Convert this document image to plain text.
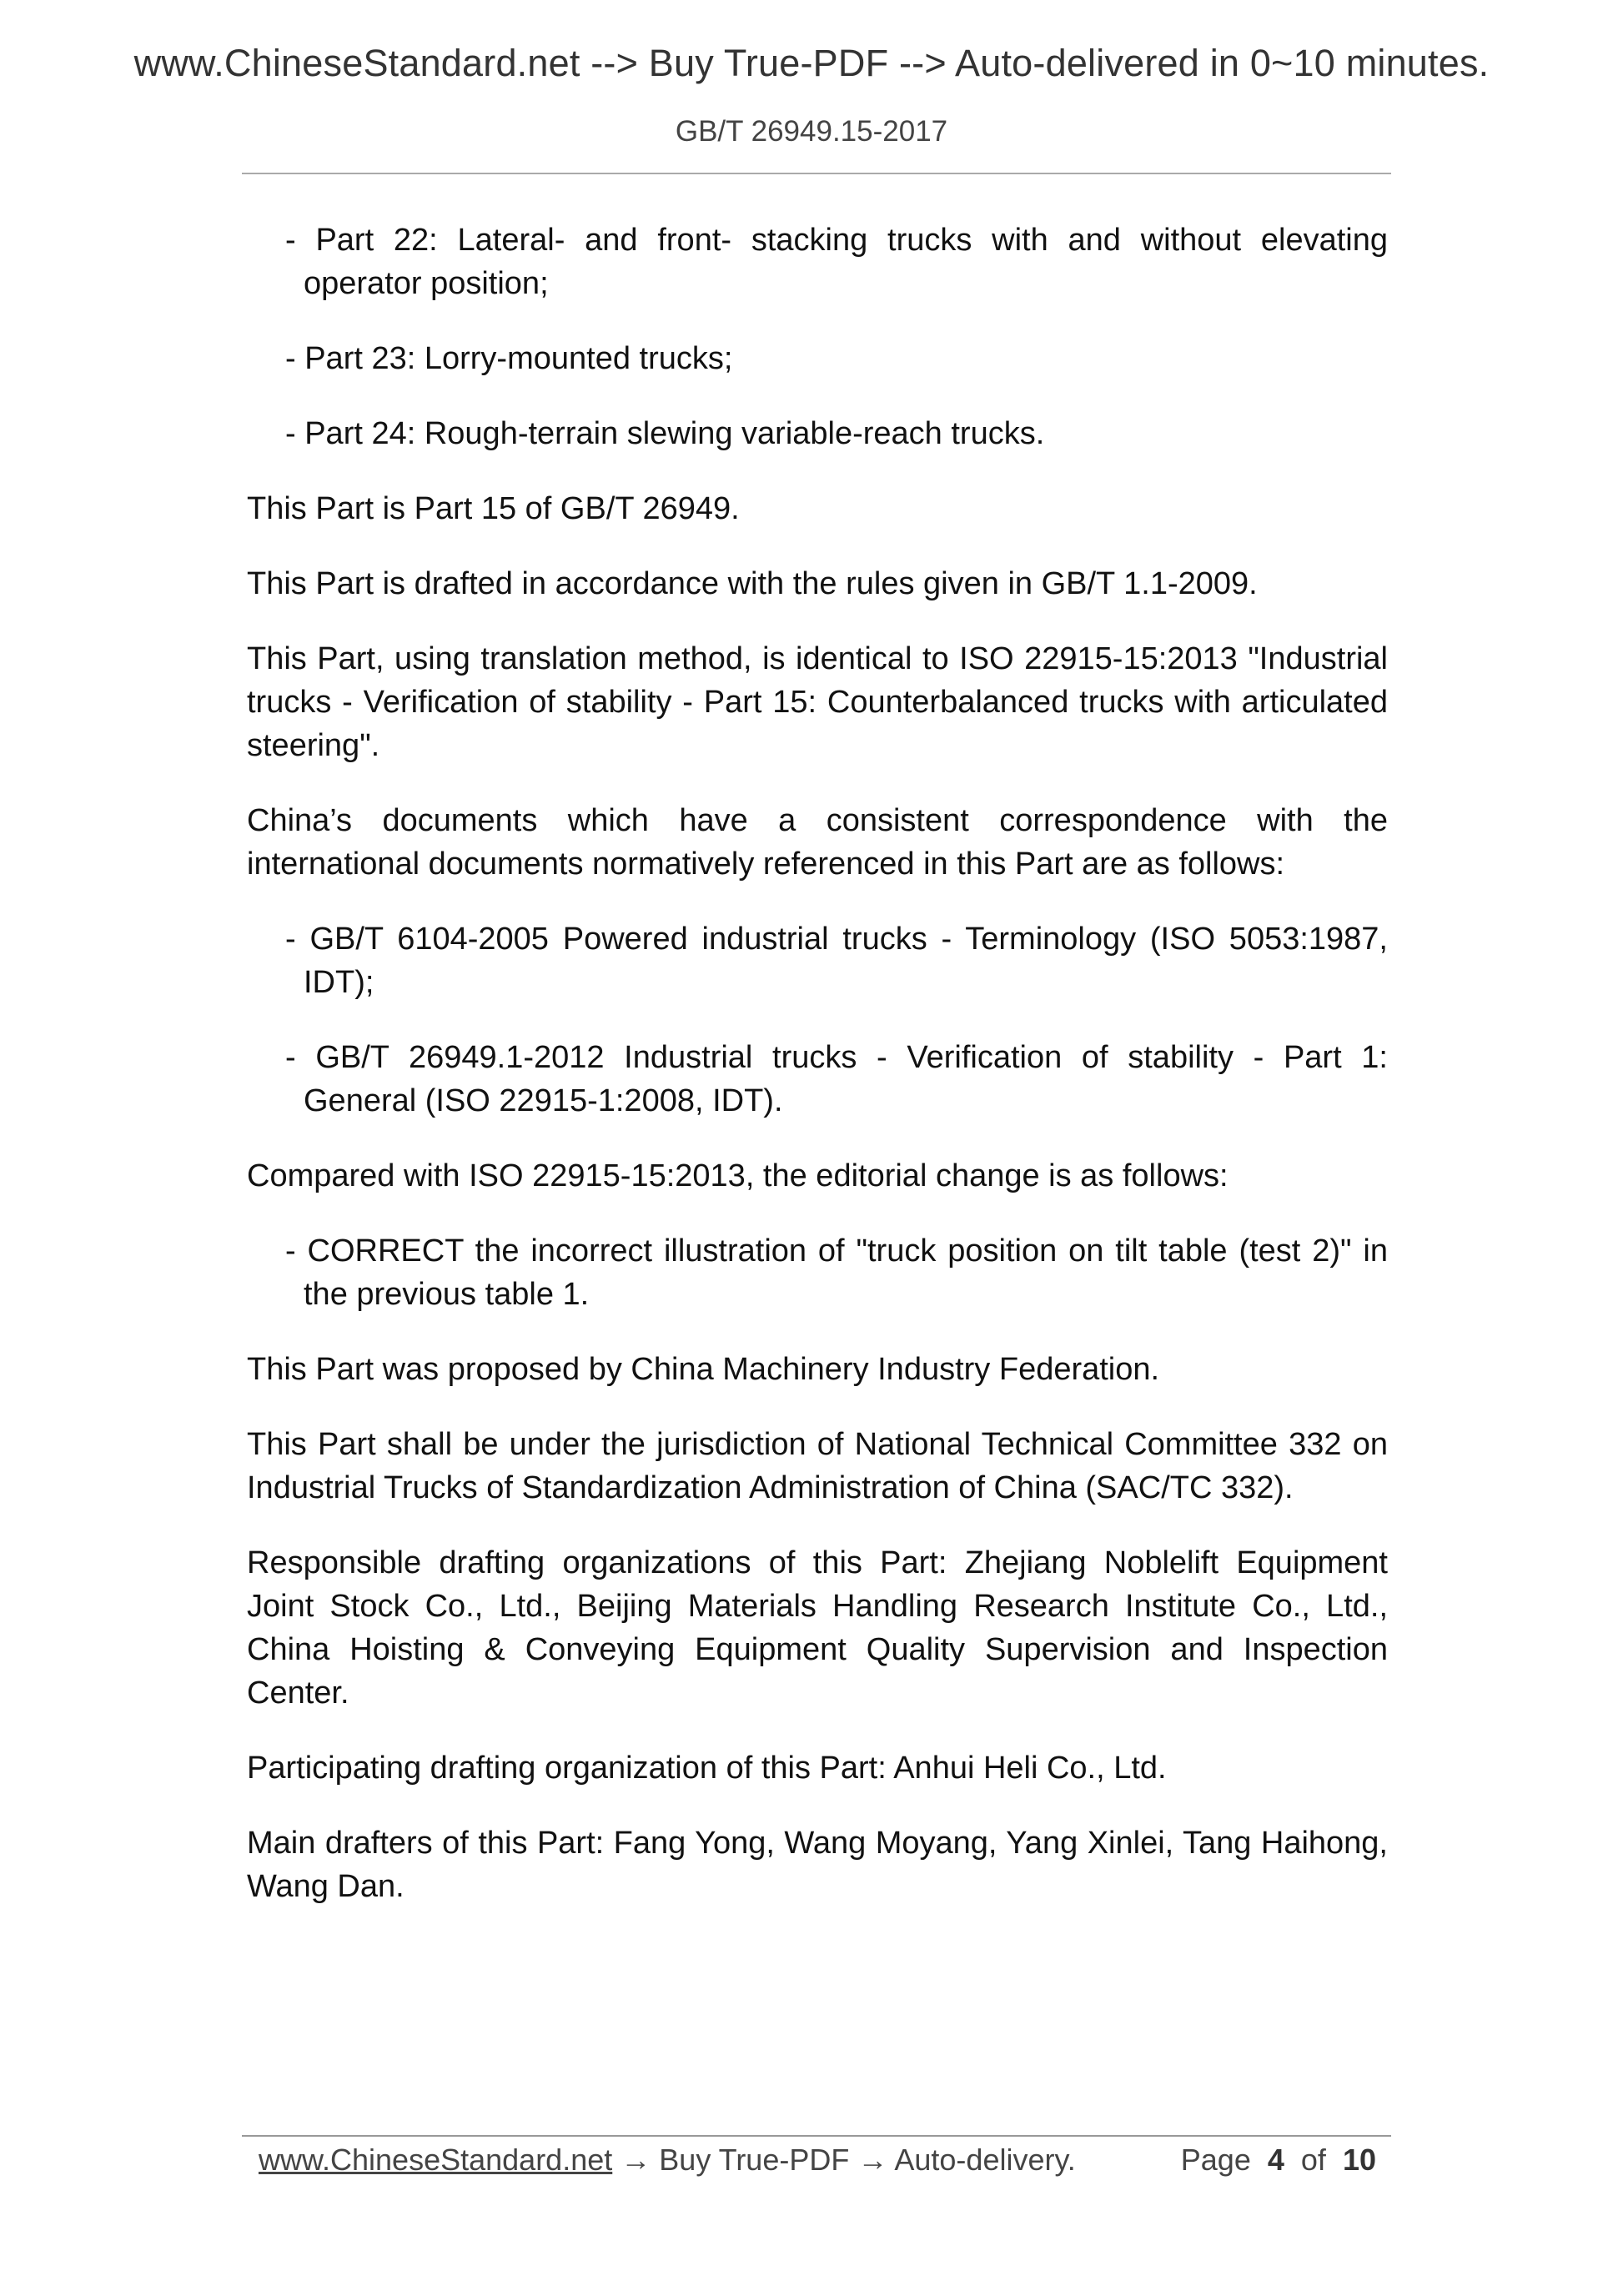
www.ChineseStandard.net --> Buy True-PDF --> Auto-delivered in 0~10 minutes.
GB/T 26949.15-2017

- Part 22: Lateral- and front- stacking trucks with and without elevating operator position;

- Part 23: Lorry-mounted trucks;

- Part 24: Rough-terrain slewing variable-reach trucks.

This Part is Part 15 of GB/T 26949.

This Part is drafted in accordance with the rules given in GB/T 1.1-2009.

This Part, using translation method, is identical to ISO 22915-15:2013 "Industrial trucks - Verification of stability - Part 15: Counterbalanced trucks with articulated steering".

China’s documents which have a consistent correspondence with the international documents normatively referenced in this Part are as follows:

- GB/T 6104-2005 Powered industrial trucks - Terminology (ISO 5053:1987, IDT);

- GB/T 26949.1-2012 Industrial trucks - Verification of stability - Part 1: General (ISO 22915-1:2008, IDT).

Compared with ISO 22915-15:2013, the editorial change is as follows:

- CORRECT the incorrect illustration of "truck position on tilt table (test 2)" in the previous table 1.

This Part was proposed by China Machinery Industry Federation.

This Part shall be under the jurisdiction of National Technical Committee 332 on Industrial Trucks of Standardization Administration of China (SAC/TC 332).

Responsible drafting organizations of this Part: Zhejiang Noblelift Equipment Joint Stock Co., Ltd., Beijing Materials Handling Research Institute Co., Ltd., China Hoisting & Conveying Equipment Quality Supervision and Inspection Center.

Participating drafting organization of this Part: Anhui Heli Co., Ltd.

Main drafters of this Part: Fang Yong, Wang Moyang, Yang Xinlei, Tang Haihong, Wang Dan.

www.ChineseStandard.net → Buy True-PDF → Auto-delivery.	Page 4 of 10
